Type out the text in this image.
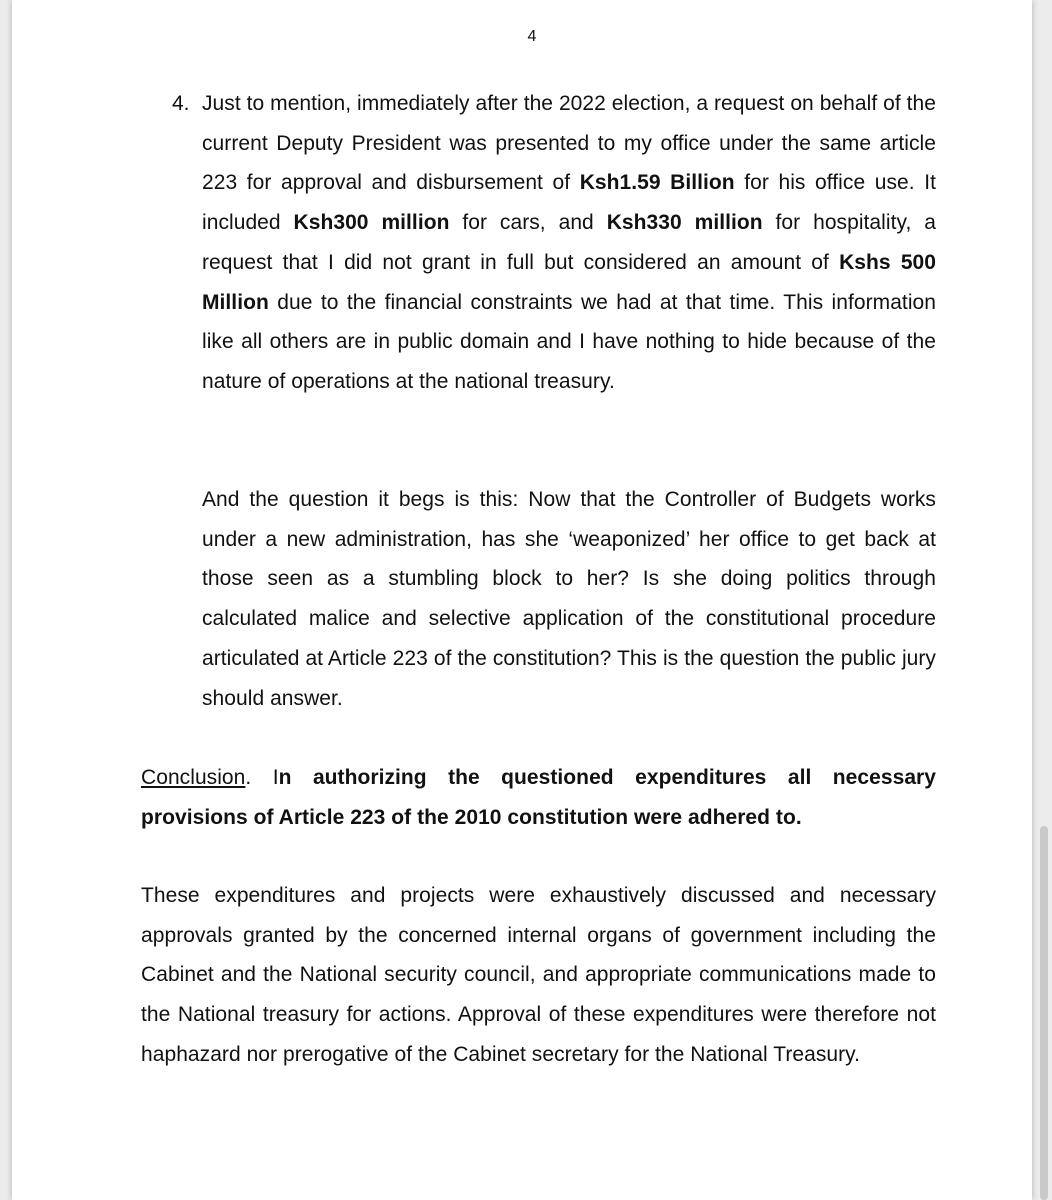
4
4. Just to mention, immediately after the 2022 election, a request on behalf of the current Deputy President was presented to my office under the same article 223 for approval and disbursement of Ksh1.59 Billion for his office use. It included Ksh300 million for cars, and Ksh330 million for hospitality, a request that I did not grant in full but considered an amount of Kshs 500 Million due to the financial constraints we had at that time. This information like all others are in public domain and I have nothing to hide because of the nature of operations at the national treasury.
And the question it begs is this: Now that the Controller of Budgets works under a new administration, has she ‘weaponized’ her office to get back at those seen as a stumbling block to her? Is she doing politics through calculated malice and selective application of the constitutional procedure articulated at Article 223 of the constitution? This is the question the public jury should answer.
Conclusion. In authorizing the questioned expenditures all necessary provisions of Article 223 of the 2010 constitution were adhered to.
These expenditures and projects were exhaustively discussed and necessary approvals granted by the concerned internal organs of government including the Cabinet and the National security council, and appropriate communications made to the National treasury for actions. Approval of these expenditures were therefore not haphazard nor prerogative of the Cabinet secretary for the National Treasury.
